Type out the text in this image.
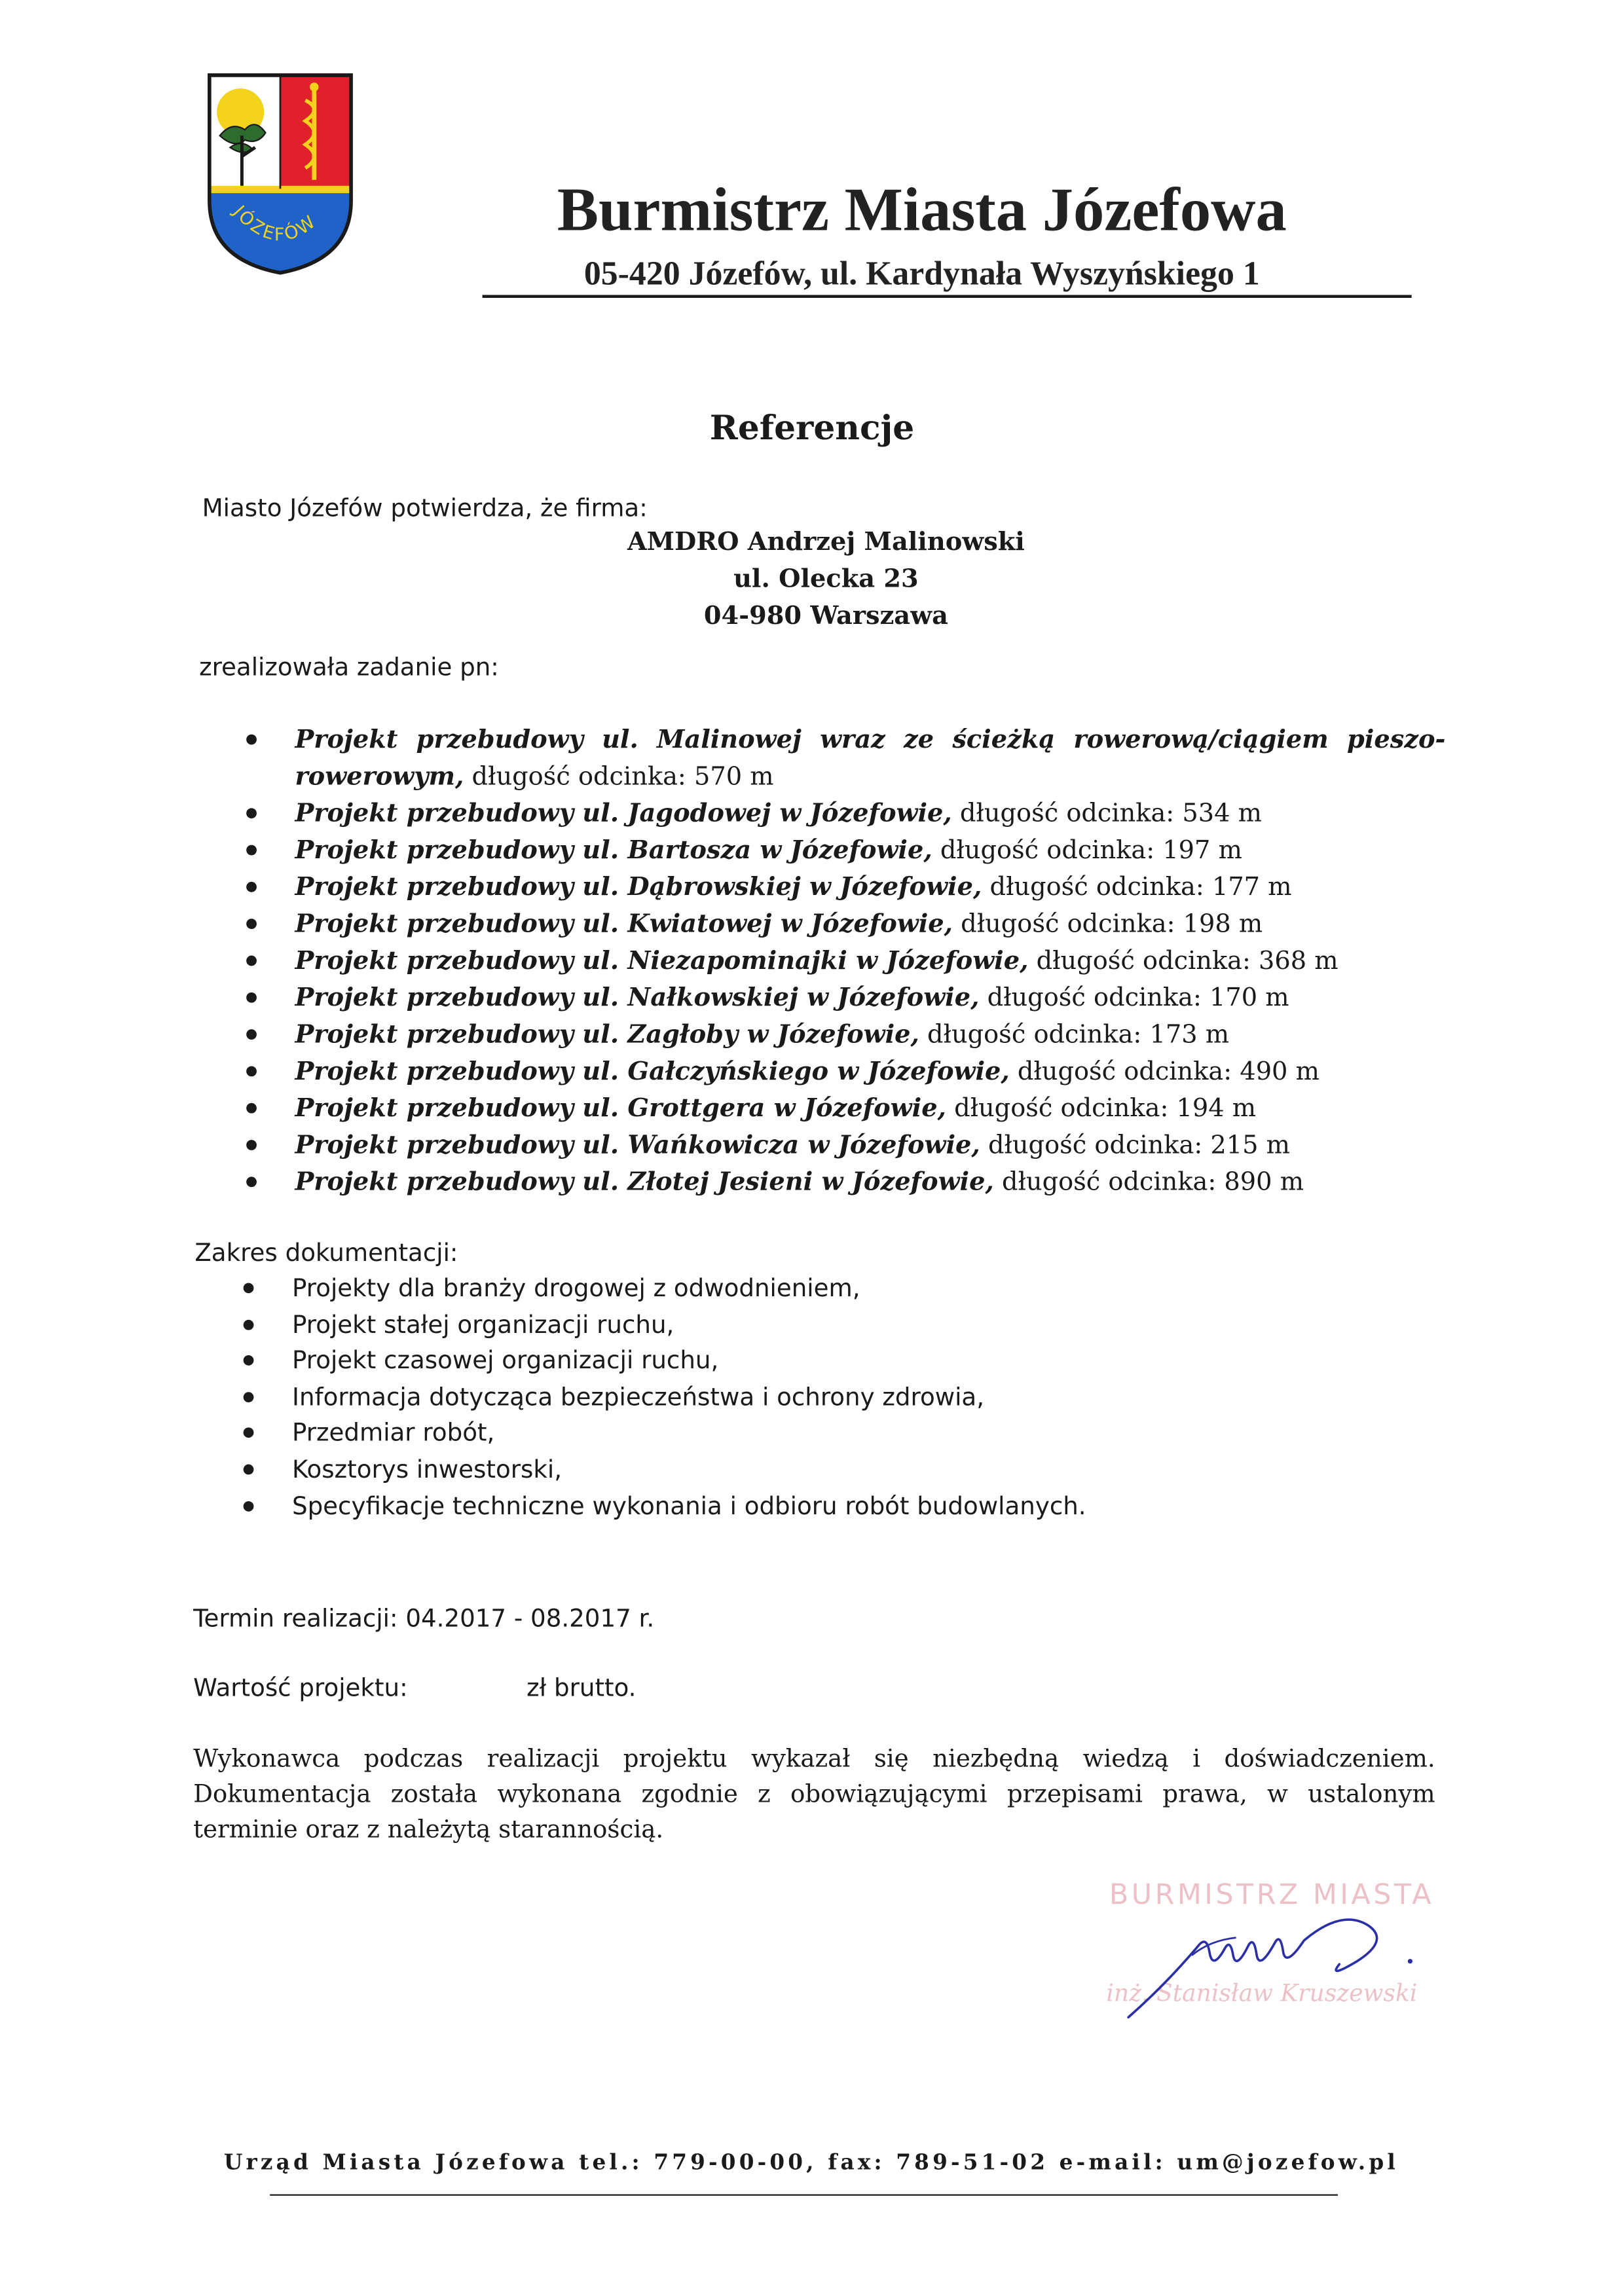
JÓZEFÓW	Burmistrz Miasta Józefowa
05-420 Józefów, ul. Kardynała Wyszyńskiego 1
Referencje
Miasto Józefów potwierdza, że firma:
AMDRO Andrzej Malinowski
ul. Olecka 23
04-980 Warszawa
zrealizowała zadanie pn:
Projekt przebudowy ul. Malinowej wraz ze ścieżką rowerową/ciągiem pieszo-rowerowym, długość odcinka: 570 m
Projekt przebudowy ul. Jagodowej w Józefowie, długość odcinka: 534 m
Projekt przebudowy ul. Bartosza w Józefowie, długość odcinka: 197 m
Projekt przebudowy ul. Dąbrowskiej w Józefowie, długość odcinka: 177 m
Projekt przebudowy ul. Kwiatowej w Józefowie, długość odcinka: 198 m
Projekt przebudowy ul. Niezapominajki w Józefowie, długość odcinka: 368 m
Projekt przebudowy ul. Nałkowskiej w Józefowie, długość odcinka: 170 m
Projekt przebudowy ul. Zagłoby w Józefowie, długość odcinka: 173 m
Projekt przebudowy ul. Gałczyńskiego w Józefowie, długość odcinka: 490 m
Projekt przebudowy ul. Grottgera w Józefowie, długość odcinka: 194 m
Projekt przebudowy ul. Wańkowicza w Józefowie, długość odcinka: 215 m
Projekt przebudowy ul. Złotej Jesieni w Józefowie, długość odcinka: 890 m
Zakres dokumentacji:
Projekty dla branży drogowej z odwodnieniem,
Projekt stałej organizacji ruchu,
Projekt czasowej organizacji ruchu,
Informacja dotycząca bezpieczeństwa i ochrony zdrowia,
Przedmiar robót,
Kosztorys inwestorski,
Specyfikacje techniczne wykonania i odbioru robót budowlanych.
Termin realizacji: 04.2017 - 08.2017 r.
Wartość projektu:	zł brutto.
Wykonawca podczas realizacji projektu wykazał się niezbędną wiedzą i doświadczeniem. Dokumentacja została wykonana zgodnie z obowiązującymi przepisami prawa, w ustalonym terminie oraz z należytą starannością.
BURMISTRZ MIASTA
inż. Stanisław Kruszewski
Urząd Miasta Józefowa tel.: 779-00-00, fax: 789-51-02 e-mail: um@jozefow.pl
